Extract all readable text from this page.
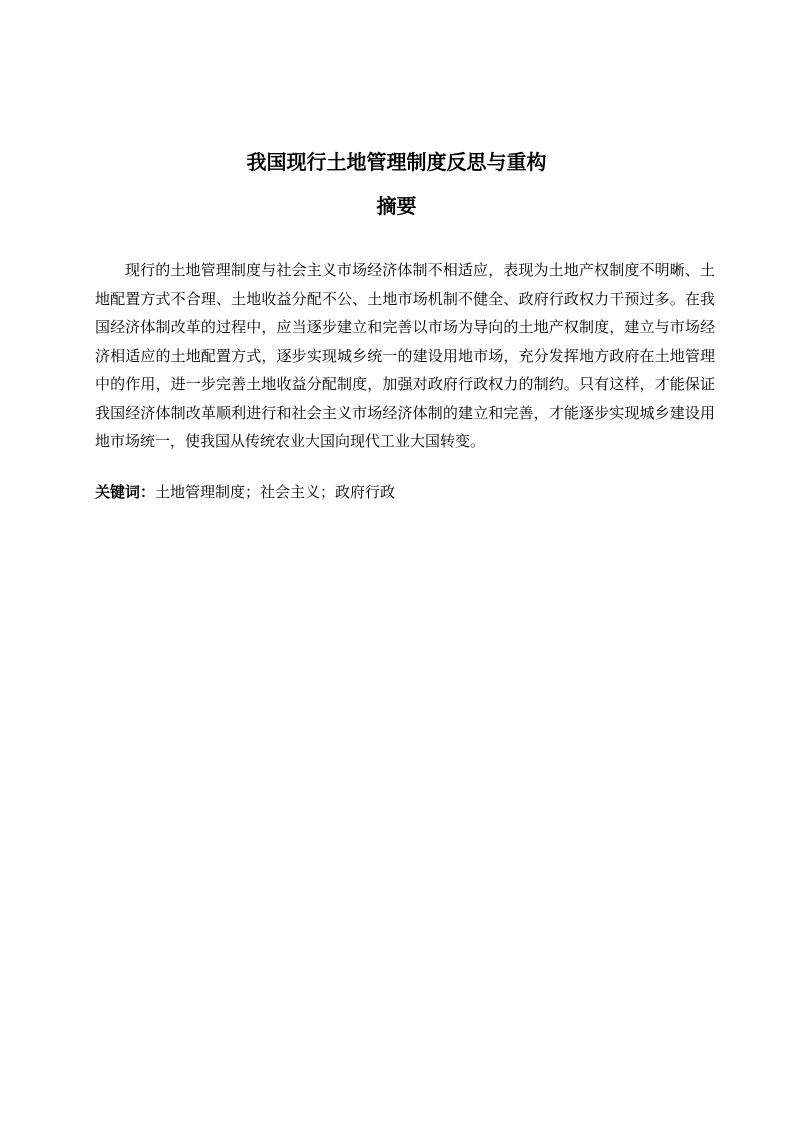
我国现行土地管理制度反思与重构
摘要

现行的土地管理制度与社会主义市场经济体制不相适应，表现为土地产权制度不明晰、土地配置方式不合理、土地收益分配不公、土地市场机制不健全、政府行政权力干预过多。在我国经济体制改革的过程中，应当逐步建立和完善以市场为导向的土地产权制度，建立与市场经济相适应的土地配置方式，逐步实现城乡统一的建设用地市场，充分发挥地方政府在土地管理中的作用，进一步完善土地收益分配制度，加强对政府行政权力的制约。只有这样，才能保证我国经济体制改革顺利进行和社会主义市场经济体制的建立和完善，才能逐步实现城乡建设用地市场统一，使我国从传统农业大国向现代工业大国转变。

关键词：土地管理制度；社会主义；政府行政
